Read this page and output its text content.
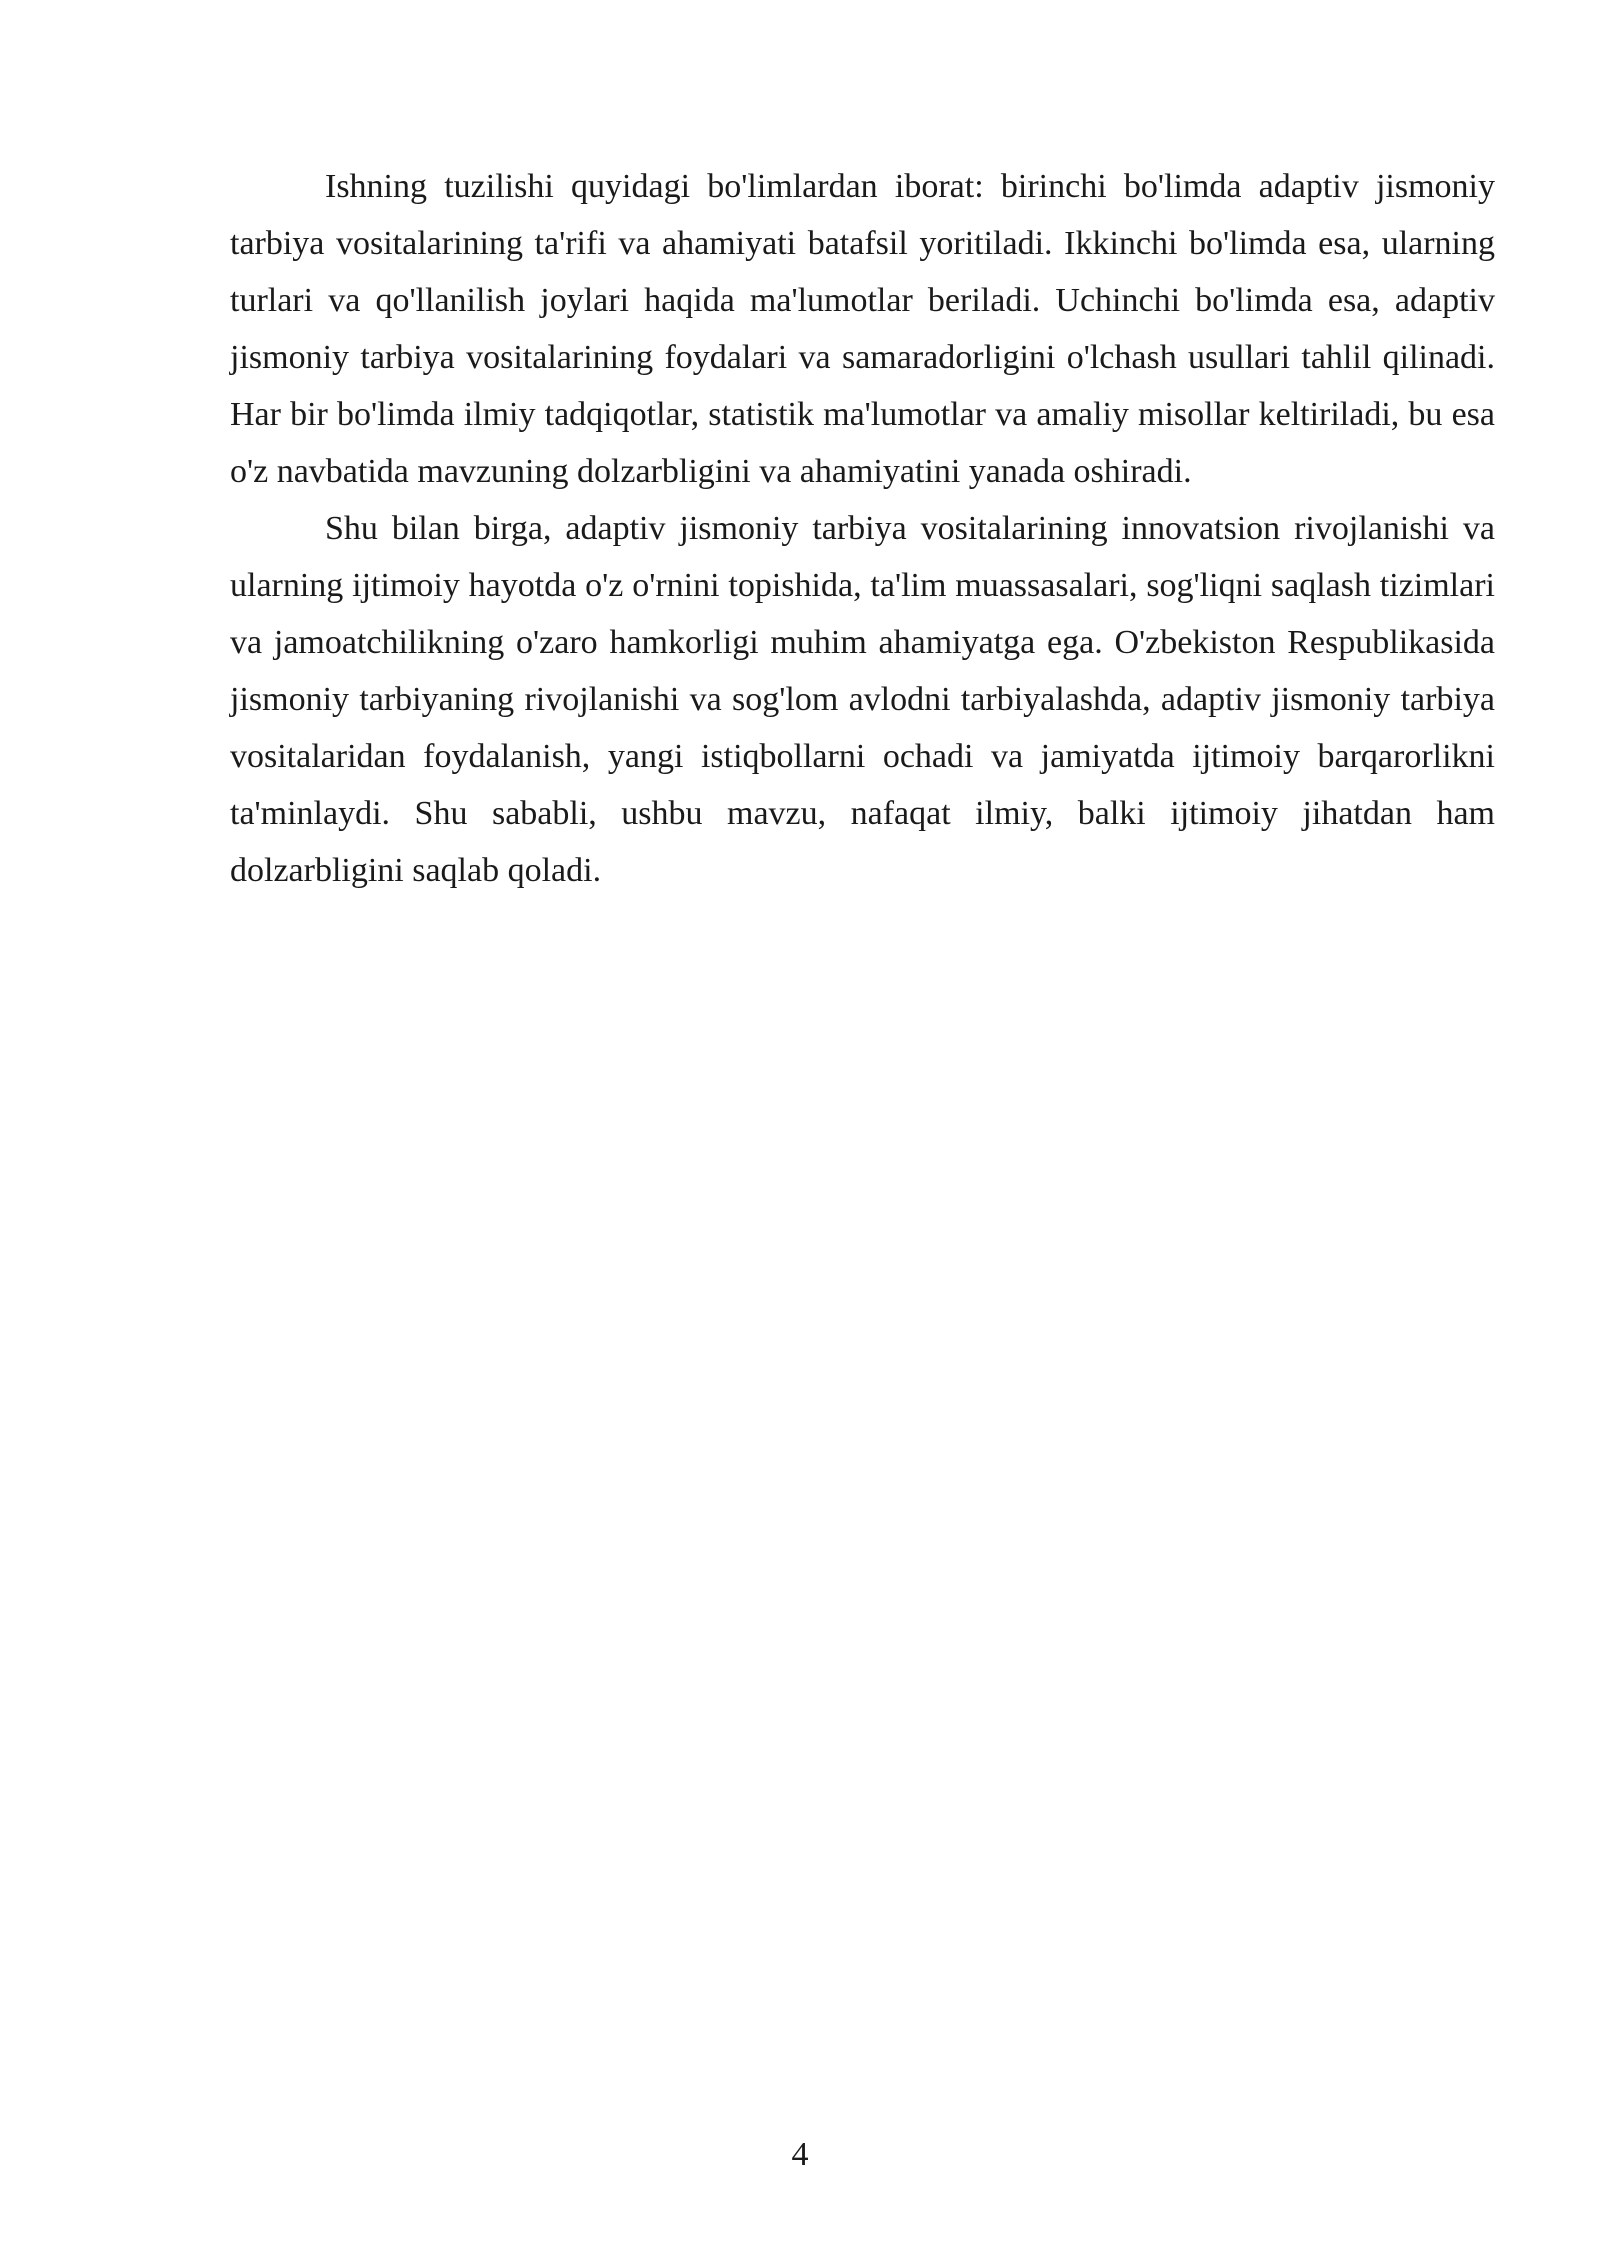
Ishning tuzilishi quyidagi bo'limlardan iborat: birinchi bo'limda adaptiv jismoniy tarbiya vositalarining ta'rifi va ahamiyati batafsil yoritiladi. Ikkinchi bo'limda esa, ularning turlari va qo'llanilish joylari haqida ma'lumotlar beriladi. Uchinchi bo'limda esa, adaptiv jismoniy tarbiya vositalarining foydalari va samaradorligini o'lchash usullari tahlil qilinadi. Har bir bo'limda ilmiy tadqiqotlar, statistik ma'lumotlar va amaliy misollar keltiriladi, bu esa o'z navbatida mavzuning dolzarbligini va ahamiyatini yanada oshiradi.

Shu bilan birga, adaptiv jismoniy tarbiya vositalarining innovatsion rivojlanishi va ularning ijtimoiy hayotda o'z o'rnini topishida, ta'lim muassasalari, sog'liqni saqlash tizimlari va jamoatchilikning o'zaro hamkorligi muhim ahamiyatga ega. O'zbekiston Respublikasida jismoniy tarbiyaning rivojlanishi va sog'lom avlodni tarbiyalashda, adaptiv jismoniy tarbiya vositalaridan foydalanish, yangi istiqbollarni ochadi va jamiyatda ijtimoiy barqarorlikni ta'minlaydi. Shu sababli, ushbu mavzu, nafaqat ilmiy, balki ijtimoiy jihatdan ham dolzarbligini saqlab qoladi.

4
